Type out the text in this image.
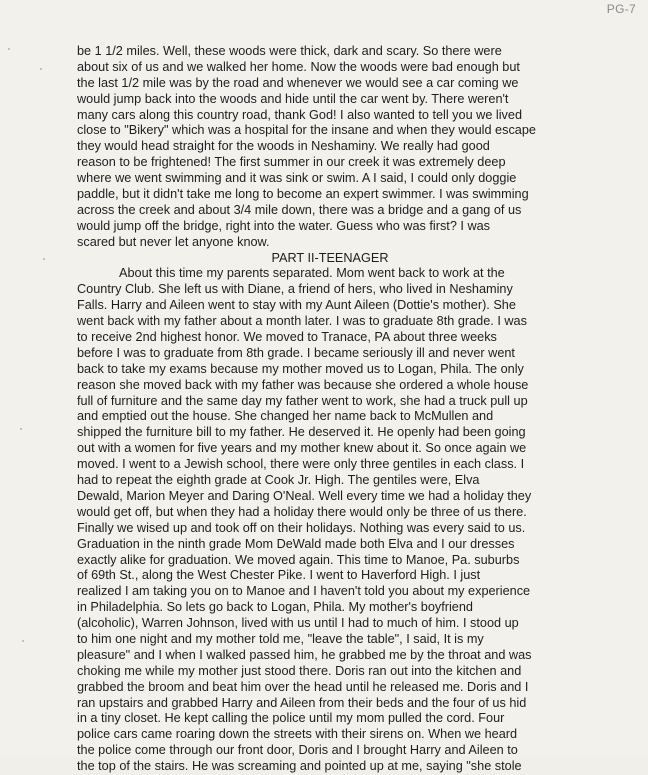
PG-7
be 1 1/2 miles. Well, these woods were thick, dark and scary. So there were
about six of us and we walked her home. Now the woods were bad enough but
the last 1/2 mile was by the road and whenever we would see a car coming we
would jump back into the woods and hide until the car went by. There weren't
many cars along this country road, thank God! I also wanted to tell you we lived
close to "Bikery" which was a hospital for the insane and when they would escape
they would head straight for the woods in Neshaminy. We really had good
reason to be frightened! The first summer in our creek it was extremely deep
where we went swimming and it was sink or swim. A I said, I could only doggie
paddle, but it didn't take me long to become an expert swimmer. I was swimming
across the creek and about 3/4 mile down, there was a bridge and a gang of us
would jump off the bridge, right into the water. Guess who was first? I was
scared but never let anyone know.
PART II-TEENAGER
About this time my parents separated. Mom went back to work at the
Country Club. She left us with Diane, a friend of hers, who lived in Neshaminy
Falls. Harry and Aileen went to stay with my Aunt Aileen (Dottie's mother). She
went back with my father about a month later. I was to graduate 8th grade. I was
to receive 2nd highest honor. We moved to Tranace, PA about three weeks
before I was to graduate from 8th grade. I became seriously ill and never went
back to take my exams because my mother moved us to Logan, Phila. The only
reason she moved back with my father was because she ordered a whole house
full of furniture and the same day my father went to work, she had a truck pull up
and emptied out the house. She changed her name back to McMullen and
shipped the furniture bill to my father. He deserved it. He openly had been going
out with a women for five years and my mother knew about it. So once again we
moved. I went to a Jewish school, there were only three gentiles in each class. I
had to repeat the eighth grade at Cook Jr. High. The gentiles were, Elva
Dewald, Marion Meyer and Daring O'Neal. Well every time we had a holiday they
would get off, but when they had a holiday there would only be three of us there.
Finally we wised up and took off on their holidays. Nothing was every said to us.
Graduation in the ninth grade Mom DeWald made both Elva and I our dresses
exactly alike for graduation. We moved again. This time to Manoe, Pa. suburbs
of 69th St., along the West Chester Pike. I went to Haverford High. I just
realized I am taking you on to Manoe and I haven't told you about my experience
in Philadelphia. So lets go back to Logan, Phila. My mother's boyfriend
(alcoholic), Warren Johnson, lived with us until I had to much of him. I stood up
to him one night and my mother told me, "leave the table", I said, It is my
pleasure" and I when I walked passed him, he grabbed me by the throat and was
choking me while my mother just stood there. Doris ran out into the kitchen and
grabbed the broom and beat him over the head until he released me. Doris and I
ran upstairs and grabbed Harry and Aileen from their beds and the four of us hid
in a tiny closet. He kept calling the police until my mom pulled the cord. Four
police cars came roaring down the streets with their sirens on. When we heard
the police come through our front door, Doris and I brought Harry and Aileen to
the top of the stairs. He was screaming and pointed up at me, saying "she stole
